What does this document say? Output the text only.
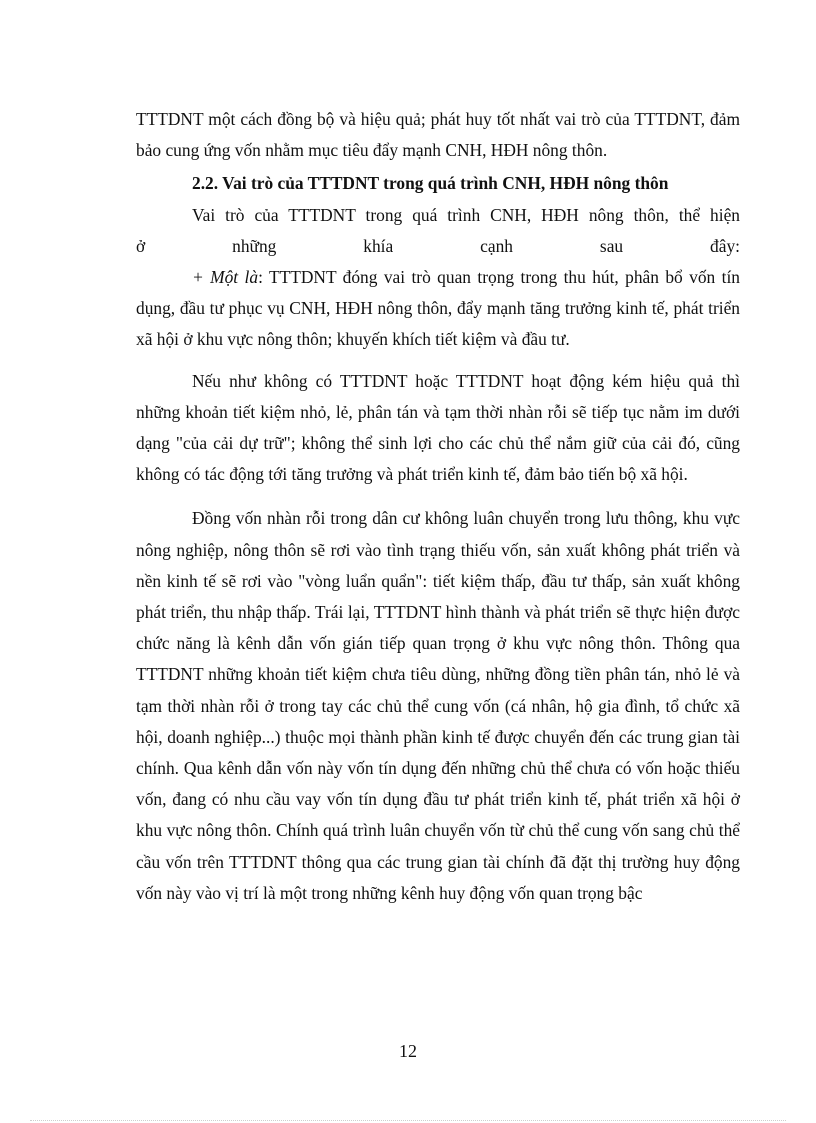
TTTDNT một cách đồng bộ và hiệu quả; phát huy tốt nhất vai trò của TTTDNT, đảm bảo cung ứng vốn nhằm mục tiêu đẩy mạnh CNH, HĐH nông thôn.

2.2. Vai trò của TTTDNT trong quá trình CNH, HĐH nông thôn

Vai trò của TTTDNT trong quá trình CNH, HĐH nông thôn, thể hiện

ở những khía cạnh sau đây:

+ Một là: TTTDNT đóng vai trò quan trọng trong thu hút, phân bổ vốn tín dụng, đầu tư phục vụ CNH, HĐH nông thôn, đẩy mạnh tăng trưởng kinh tế, phát triển xã hội ở khu vực nông thôn; khuyến khích tiết kiệm và đầu tư.

Nếu như không có TTTDNT hoặc TTTDNT hoạt động kém hiệu quả thì những khoản tiết kiệm nhỏ, lẻ, phân tán và tạm thời nhàn rỗi sẽ tiếp tục nằm im dưới dạng "của cải dự trữ"; không thể sinh lợi cho các chủ thể nắm giữ của cải đó, cũng không có tác động tới tăng trưởng và phát triển kinh tế, đảm bảo tiến bộ xã hội.

Đồng vốn nhàn rỗi trong dân cư không luân chuyển trong lưu thông, khu vực nông nghiệp, nông thôn sẽ rơi vào tình trạng thiếu vốn, sản xuất không phát triển và nền kinh tế sẽ rơi vào "vòng luẩn quẩn": tiết kiệm thấp, đầu tư thấp, sản xuất không phát triển, thu nhập thấp. Trái lại, TTTDNT hình thành và phát triển sẽ thực hiện được chức năng là kênh dẫn vốn gián tiếp quan trọng ở khu vực nông thôn. Thông qua TTTDNT những khoản tiết kiệm chưa tiêu dùng, những đồng tiền phân tán, nhỏ lẻ và tạm thời nhàn rỗi ở trong tay các chủ thể cung vốn (cá nhân, hộ gia đình, tổ chức xã hội, doanh nghiệp...) thuộc mọi thành phần kinh tế được chuyển đến các trung gian tài chính. Qua kênh dẫn vốn này vốn tín dụng đến những chủ thể chưa có vốn hoặc thiếu vốn, đang có nhu cầu vay vốn tín dụng đầu tư phát triển kinh tế, phát triển xã hội ở khu vực nông thôn. Chính quá trình luân chuyển vốn từ chủ thể cung vốn sang chủ thể cầu vốn trên TTTDNT thông qua các trung gian tài chính đã đặt thị trường huy động vốn này vào vị trí là một trong những kênh huy động vốn quan trọng bậc

12
